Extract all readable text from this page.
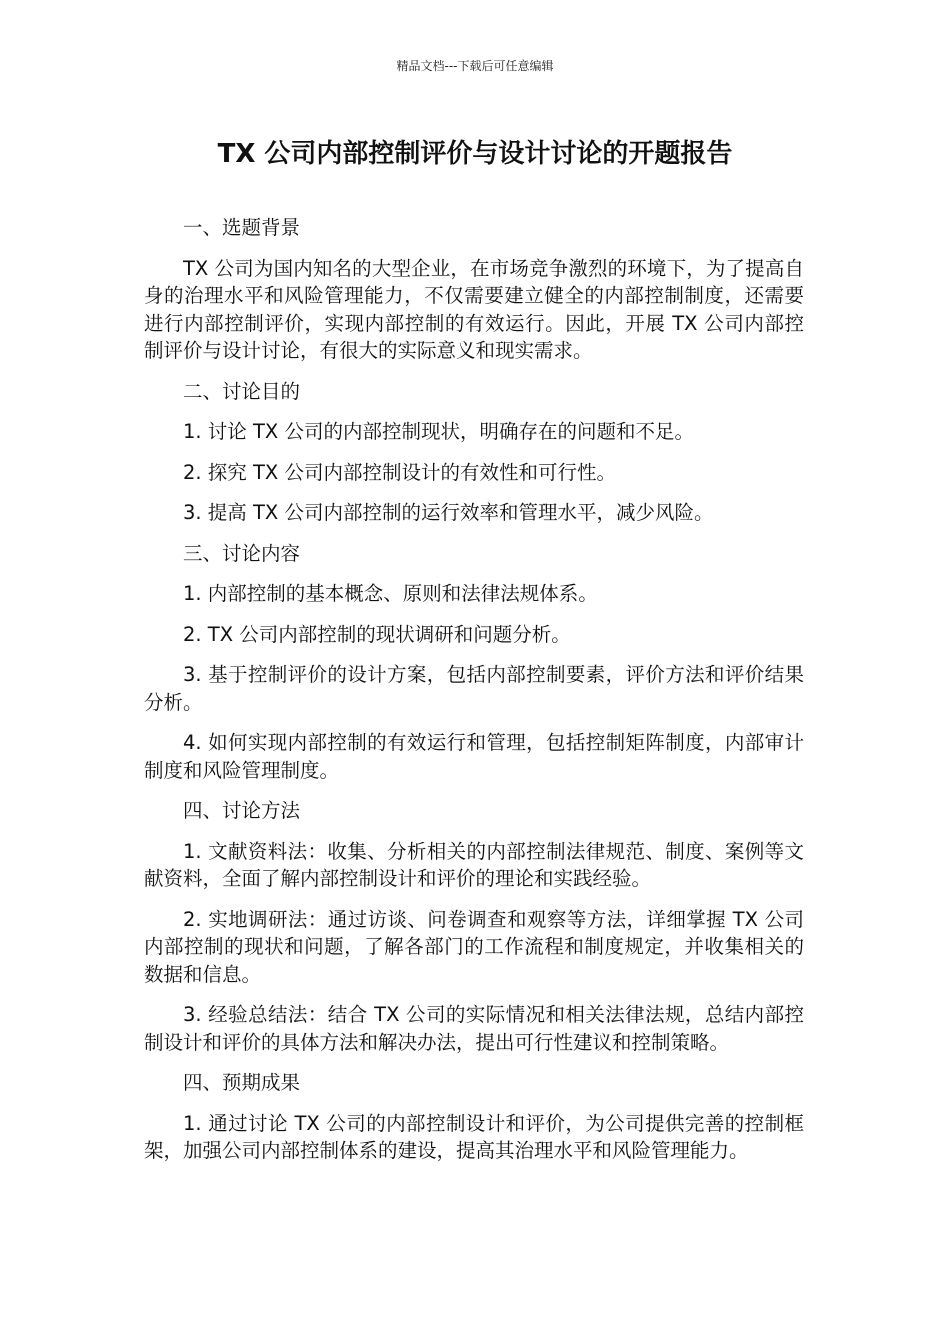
精品文档---下载后可任意编辑
TX 公司内部控制评价与设计讨论的开题报告

一、选题背景

TX 公司为国内知名的大型企业，在市场竞争激烈的环境下，为了提高自身的治理水平和风险管理能力，不仅需要建立健全的内部控制制度，还需要进行内部控制评价，实现内部控制的有效运行。因此，开展 TX 公司内部控制评价与设计讨论，有很大的实际意义和现实需求。

二、讨论目的

1. 讨论 TX 公司的内部控制现状，明确存在的问题和不足。

2. 探究 TX 公司内部控制设计的有效性和可行性。

3. 提高 TX 公司内部控制的运行效率和管理水平，减少风险。

三、讨论内容

1. 内部控制的基本概念、原则和法律法规体系。

2. TX 公司内部控制的现状调研和问题分析。

3. 基于控制评价的设计方案，包括内部控制要素，评价方法和评价结果分析。

4. 如何实现内部控制的有效运行和管理，包括控制矩阵制度，内部审计制度和风险管理制度。

四、讨论方法

1. 文献资料法：收集、分析相关的内部控制法律规范、制度、案例等文献资料，全面了解内部控制设计和评价的理论和实践经验。

2. 实地调研法：通过访谈、问卷调查和观察等方法，详细掌握 TX 公司内部控制的现状和问题，了解各部门的工作流程和制度规定，并收集相关的数据和信息。

3. 经验总结法：结合 TX 公司的实际情况和相关法律法规，总结内部控制设计和评价的具体方法和解决办法，提出可行性建议和控制策略。

四、预期成果

1. 通过讨论 TX 公司的内部控制设计和评价，为公司提供完善的控制框架，加强公司内部控制体系的建设，提高其治理水平和风险管理能力。
